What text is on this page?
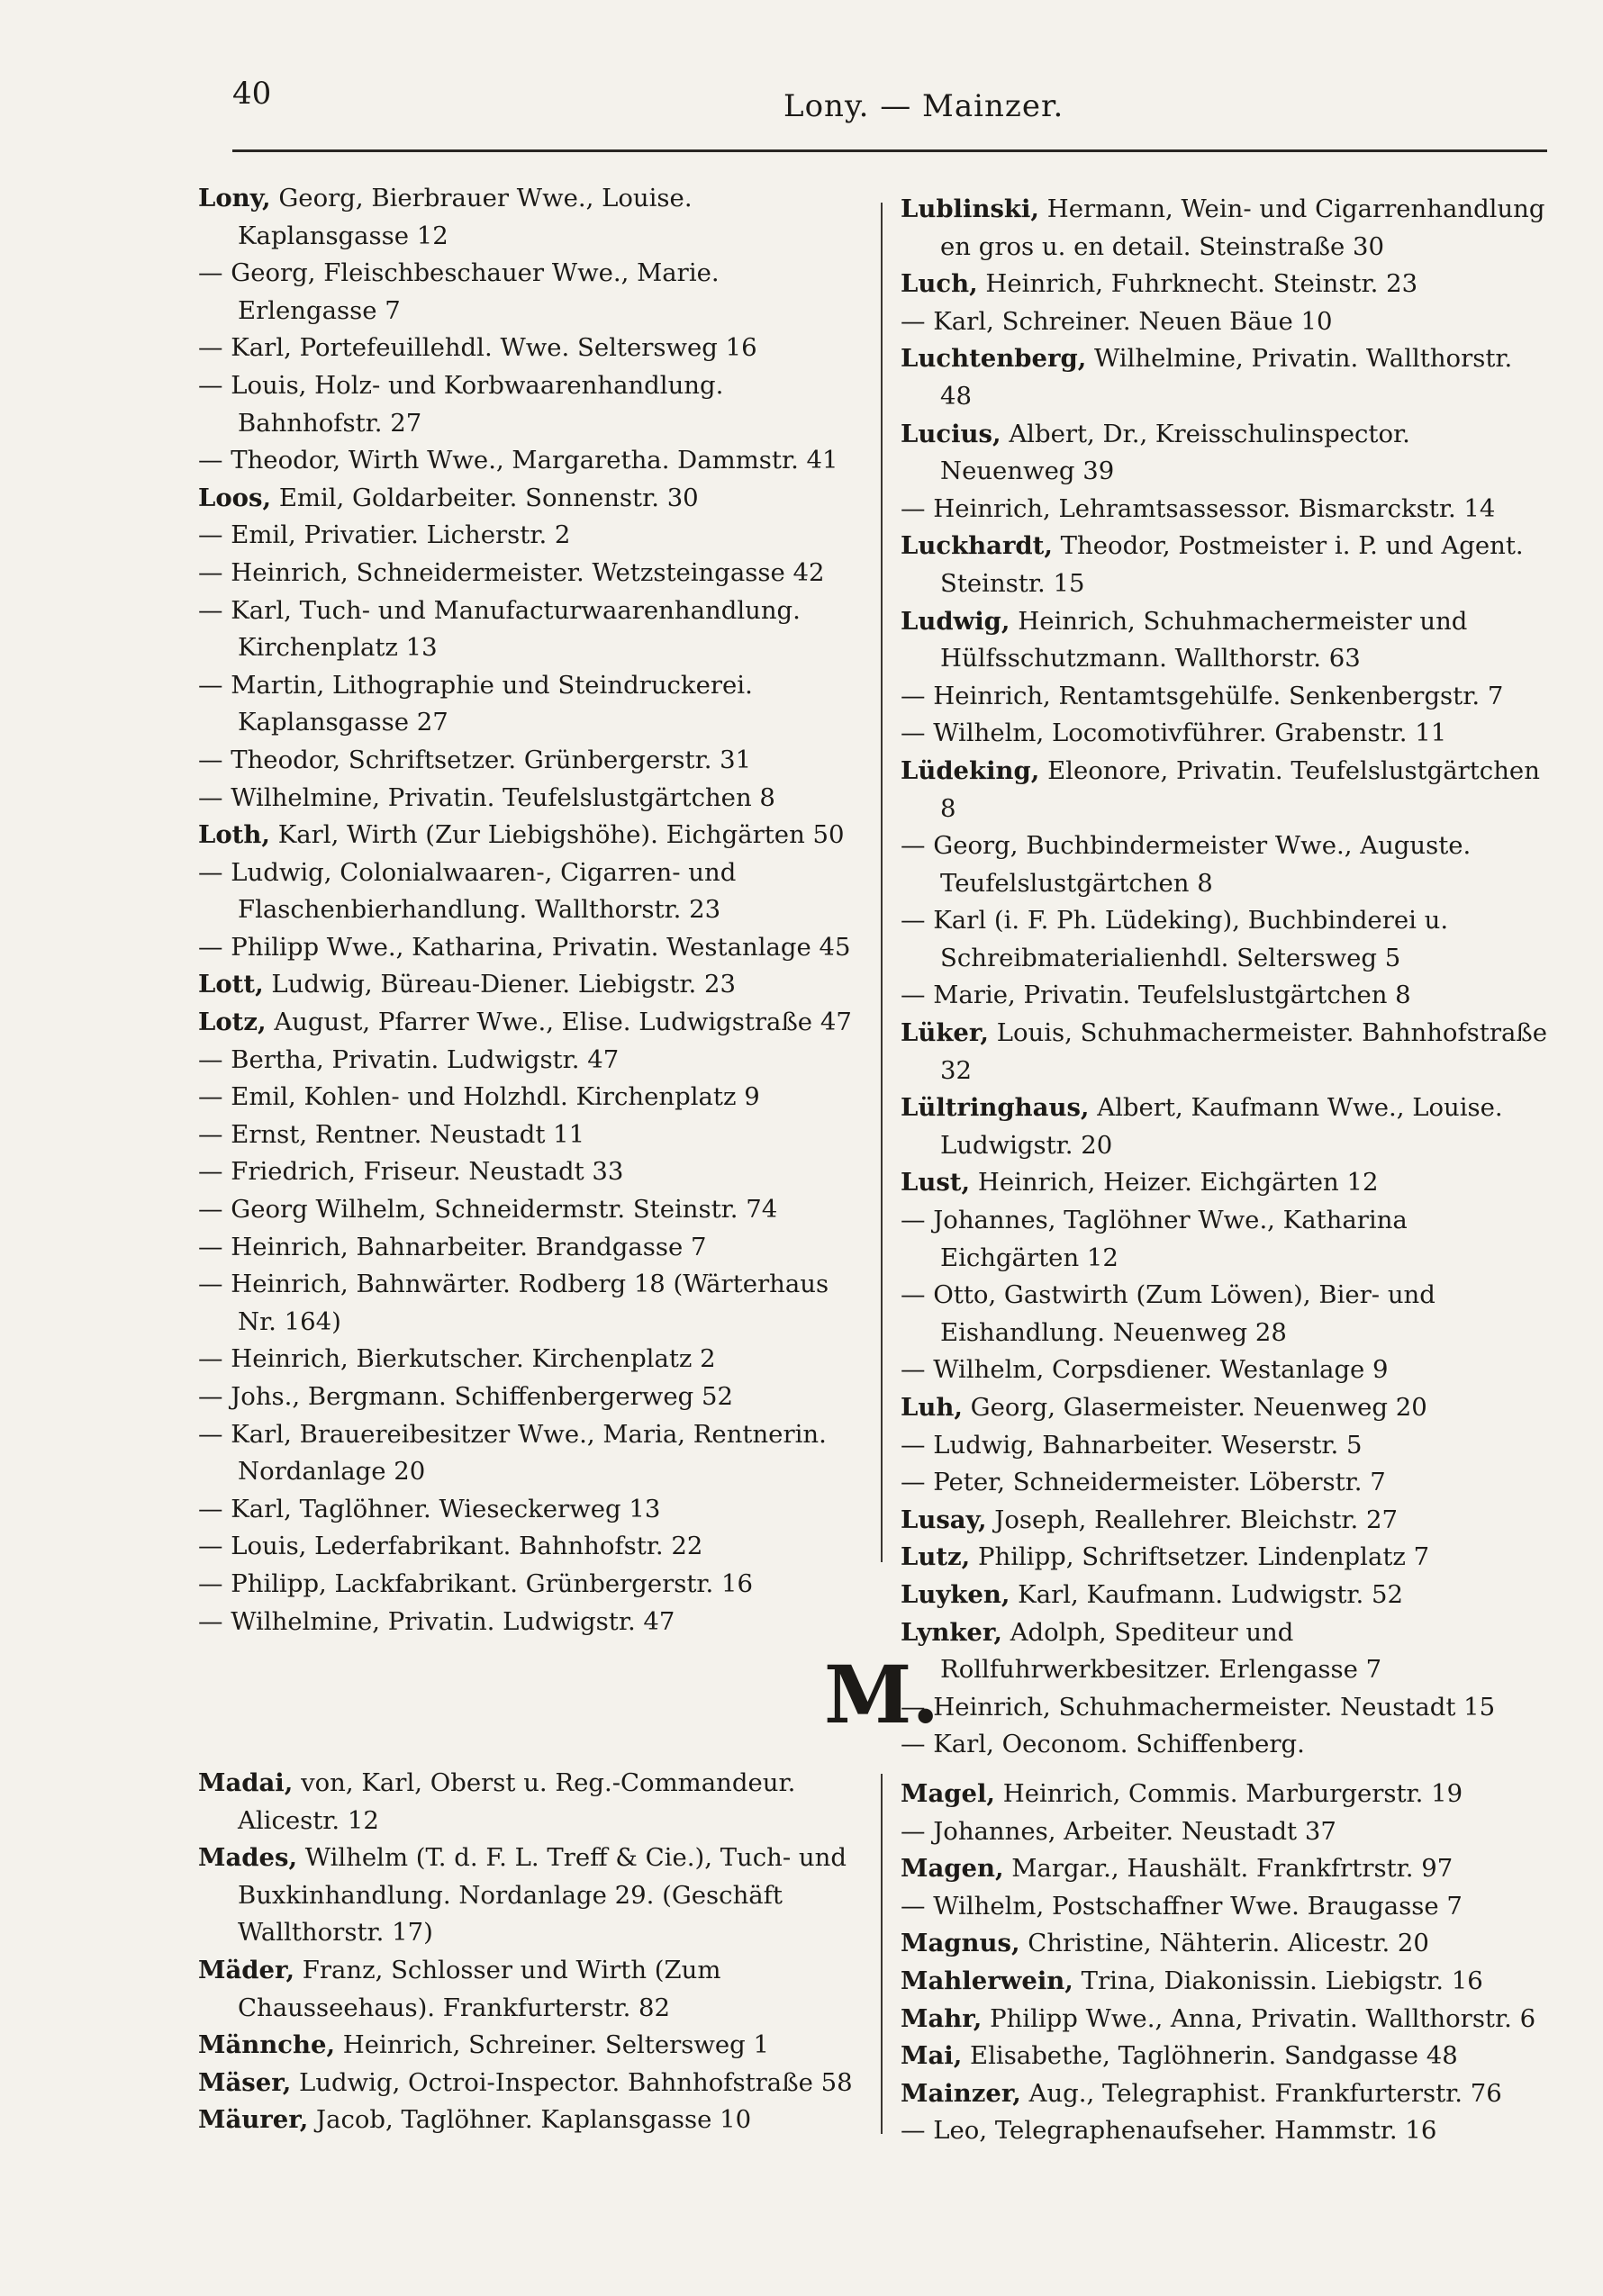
40	Lony. — Mainzer.

Lony, Georg, Bierbrauer Wwe., Louise. Kaplansgasse 12

— Georg, Fleischbeschauer Wwe., Marie. Erlengasse 7

— Karl, Portefeuillehdl. Wwe. Seltersweg 16

— Louis, Holz- und Korbwaarenhandlung. Bahnhofstr. 27

— Theodor, Wirth Wwe., Margaretha. Dammstr. 41

Loos, Emil, Goldarbeiter. Sonnenstr. 30

— Emil, Privatier. Licherstr. 2

— Heinrich, Schneidermeister. Wetzsteingasse 42

— Karl, Tuch- und Manufacturwaarenhandlung. Kirchenplatz 13

— Martin, Lithographie und Steindruckerei. Kaplansgasse 27

— Theodor, Schriftsetzer. Grünbergerstr. 31

— Wilhelmine, Privatin. Teufelslustgärtchen 8

Loth, Karl, Wirth (Zur Liebigshöhe). Eichgärten 50

— Ludwig, Colonialwaaren-, Cigarren- und Flaschenbierhandlung. Wallthorstr. 23

— Philipp Wwe., Katharina, Privatin. Westanlage 45

Lott, Ludwig, Büreau-Diener. Liebigstr. 23

Lotz, August, Pfarrer Wwe., Elise. Ludwigstraße 47

— Bertha, Privatin. Ludwigstr. 47

— Emil, Kohlen- und Holzhdl. Kirchenplatz 9

— Ernst, Rentner. Neustadt 11

— Friedrich, Friseur. Neustadt 33

— Georg Wilhelm, Schneidermstr. Steinstr. 74

— Heinrich, Bahnarbeiter. Brandgasse 7

— Heinrich, Bahnwärter. Rodberg 18 (Wärterhaus Nr. 164)

— Heinrich, Bierkutscher. Kirchenplatz 2

— Johs., Bergmann. Schiffenbergerweg 52

— Karl, Brauereibesitzer Wwe., Maria, Rentnerin. Nordanlage 20

— Karl, Taglöhner. Wieseckerweg 13

— Louis, Lederfabrikant. Bahnhofstr. 22

— Philipp, Lackfabrikant. Grünbergerstr. 16

— Wilhelmine, Privatin. Ludwigstr. 47

Lublinski, Hermann, Wein- und Cigarrenhandlung en gros u. en detail. Steinstraße 30

Luch, Heinrich, Fuhrknecht. Steinstr. 23

— Karl, Schreiner. Neuen Bäue 10

Luchtenberg, Wilhelmine, Privatin. Wallthorstr. 48

Lucius, Albert, Dr., Kreisschulinspector. Neuenweg 39

— Heinrich, Lehramtsassessor. Bismarckstr. 14

Luckhardt, Theodor, Postmeister i. P. und Agent. Steinstr. 15

Ludwig, Heinrich, Schuhmachermeister und Hülfsschutzmann. Wallthorstr. 63

— Heinrich, Rentamtsgehülfe. Senkenbergstr. 7

— Wilhelm, Locomotivführer. Grabenstr. 11

Lüdeking, Eleonore, Privatin. Teufelslustgärtchen 8

— Georg, Buchbindermeister Wwe., Auguste. Teufelslustgärtchen 8

— Karl (i. F. Ph. Lüdeking), Buchbinderei u. Schreibmaterialienhdl. Seltersweg 5

— Marie, Privatin. Teufelslustgärtchen 8

Lüker, Louis, Schuhmachermeister. Bahnhofstraße 32

Lültringhaus, Albert, Kaufmann Wwe., Louise. Ludwigstr. 20

Lust, Heinrich, Heizer. Eichgärten 12

— Johannes, Taglöhner Wwe., Katharina Eichgärten 12

— Otto, Gastwirth (Zum Löwen), Bier- und Eishandlung. Neuenweg 28

— Wilhelm, Corpsdiener. Westanlage 9

Luh, Georg, Glasermeister. Neuenweg 20

— Ludwig, Bahnarbeiter. Weserstr. 5

— Peter, Schneidermeister. Löberstr. 7

Lusay, Joseph, Reallehrer. Bleichstr. 27

Lutz, Philipp, Schriftsetzer. Lindenplatz 7

Luyken, Karl, Kaufmann. Ludwigstr. 52

Lynker, Adolph, Spediteur und Rollfuhrwerkbesitzer. Erlengasse 7

— Heinrich, Schuhmachermeister. Neustadt 15

— Karl, Oeconom. Schiffenberg.

M.

Madai, von, Karl, Oberst u. Reg.-Commandeur. Alicestr. 12

Mades, Wilhelm (T. d. F. L. Treff & Cie.), Tuch- und Buxkinhandlung. Nordanlage 29. (Geschäft Wallthorstr. 17)

Mäder, Franz, Schlosser und Wirth (Zum Chausseehaus). Frankfurterstr. 82

Männche, Heinrich, Schreiner. Seltersweg 1

Mäser, Ludwig, Octroi-Inspector. Bahnhofstraße 58

Mäurer, Jacob, Taglöhner. Kaplansgasse 10

Magel, Heinrich, Commis. Marburgerstr. 19

— Johannes, Arbeiter. Neustadt 37

Magen, Margar., Haushält. Frankfrtrstr. 97

— Wilhelm, Postschaffner Wwe. Braugasse 7

Magnus, Christine, Nähterin. Alicestr. 20

Mahlerwein, Trina, Diakonissin. Liebigstr. 16

Mahr, Philipp Wwe., Anna, Privatin. Wallthorstr. 6

Mai, Elisabethe, Taglöhnerin. Sandgasse 48

Mainzer, Aug., Telegraphist. Frankfurterstr. 76

— Leo, Telegraphenaufseher. Hammstr. 16
